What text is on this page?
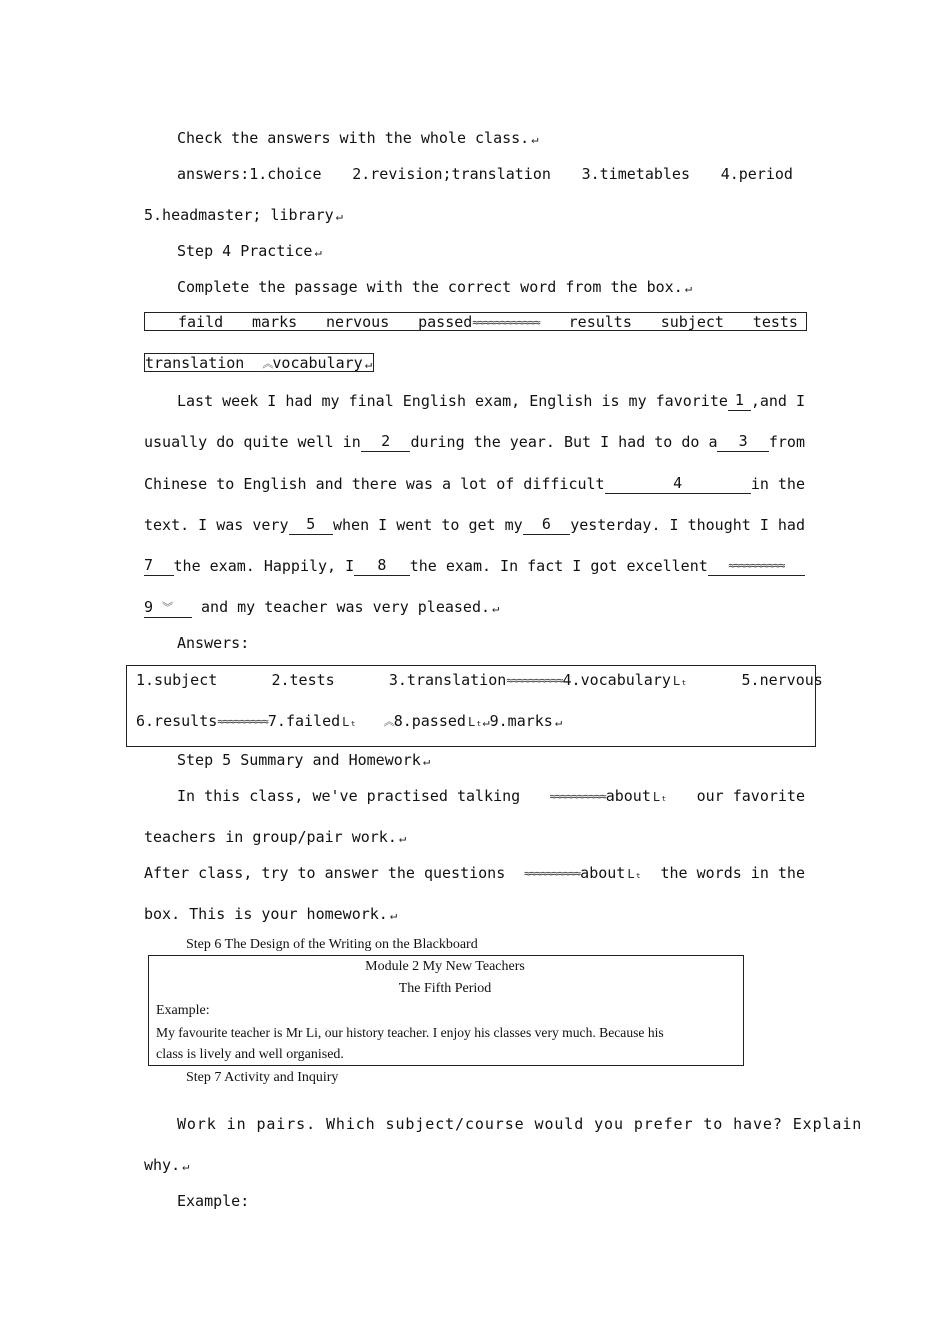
Check the answers with the whole class. ↵
answers:1.choice 2.revision;translation 3.timetables 4.period
5.headmaster; library ↵
Step 4 Practice ↵
Complete the passage with the correct word from the box. ↵
faild marks nervous passed≈≈≈≈≈≈≈≈≈≈≈≈ results subject tests
translation ︽vocabulary ↵
Last week I had my final English exam, English is my favorite 1 ,and I
usually do quite well in	2	during the year. But I had to do a	3	from
Chinese to English and there was a lot of difficult	4	in the
text. I was very	5	when I went to get my	6	yesterday. I thought I had
7	the exam. Happily, I	8	the exam. In fact I got excellent	≈≈≈≈≈≈≈≈≈≈
9 ︾ and my teacher was very pleased. ↵
Answers:
1.subject	2.tests	3.translation≈≈≈≈≈≈≈≈≈≈4.vocabulary Lₜ	5.nervous
6.results≈≈≈≈≈≈≈≈≈7.failed Lₜ ︽8.passed Lₜ↵9.marks ↵
Step 5 Summary and Homework ↵
In this class, we've practised talking	≈≈≈≈≈≈≈≈≈≈about Lₜ our favorite
teachers in group/pair work. ↵
After class, try to answer the questions ≈≈≈≈≈≈≈≈≈≈about Lₜ the words in the
box. This is your homework. ↵
Step 6 The Design of the Writing on the Blackboard
Module 2 My New Teachers
The Fifth Period
Example:
My favourite teacher is Mr Li, our history teacher. I enjoy his classes very much. Because his
class is lively and well organised.
Step 7 Activity and Inquiry
Work in pairs. Which subject/course would you prefer to have? Explain
why. ↵
Example:
